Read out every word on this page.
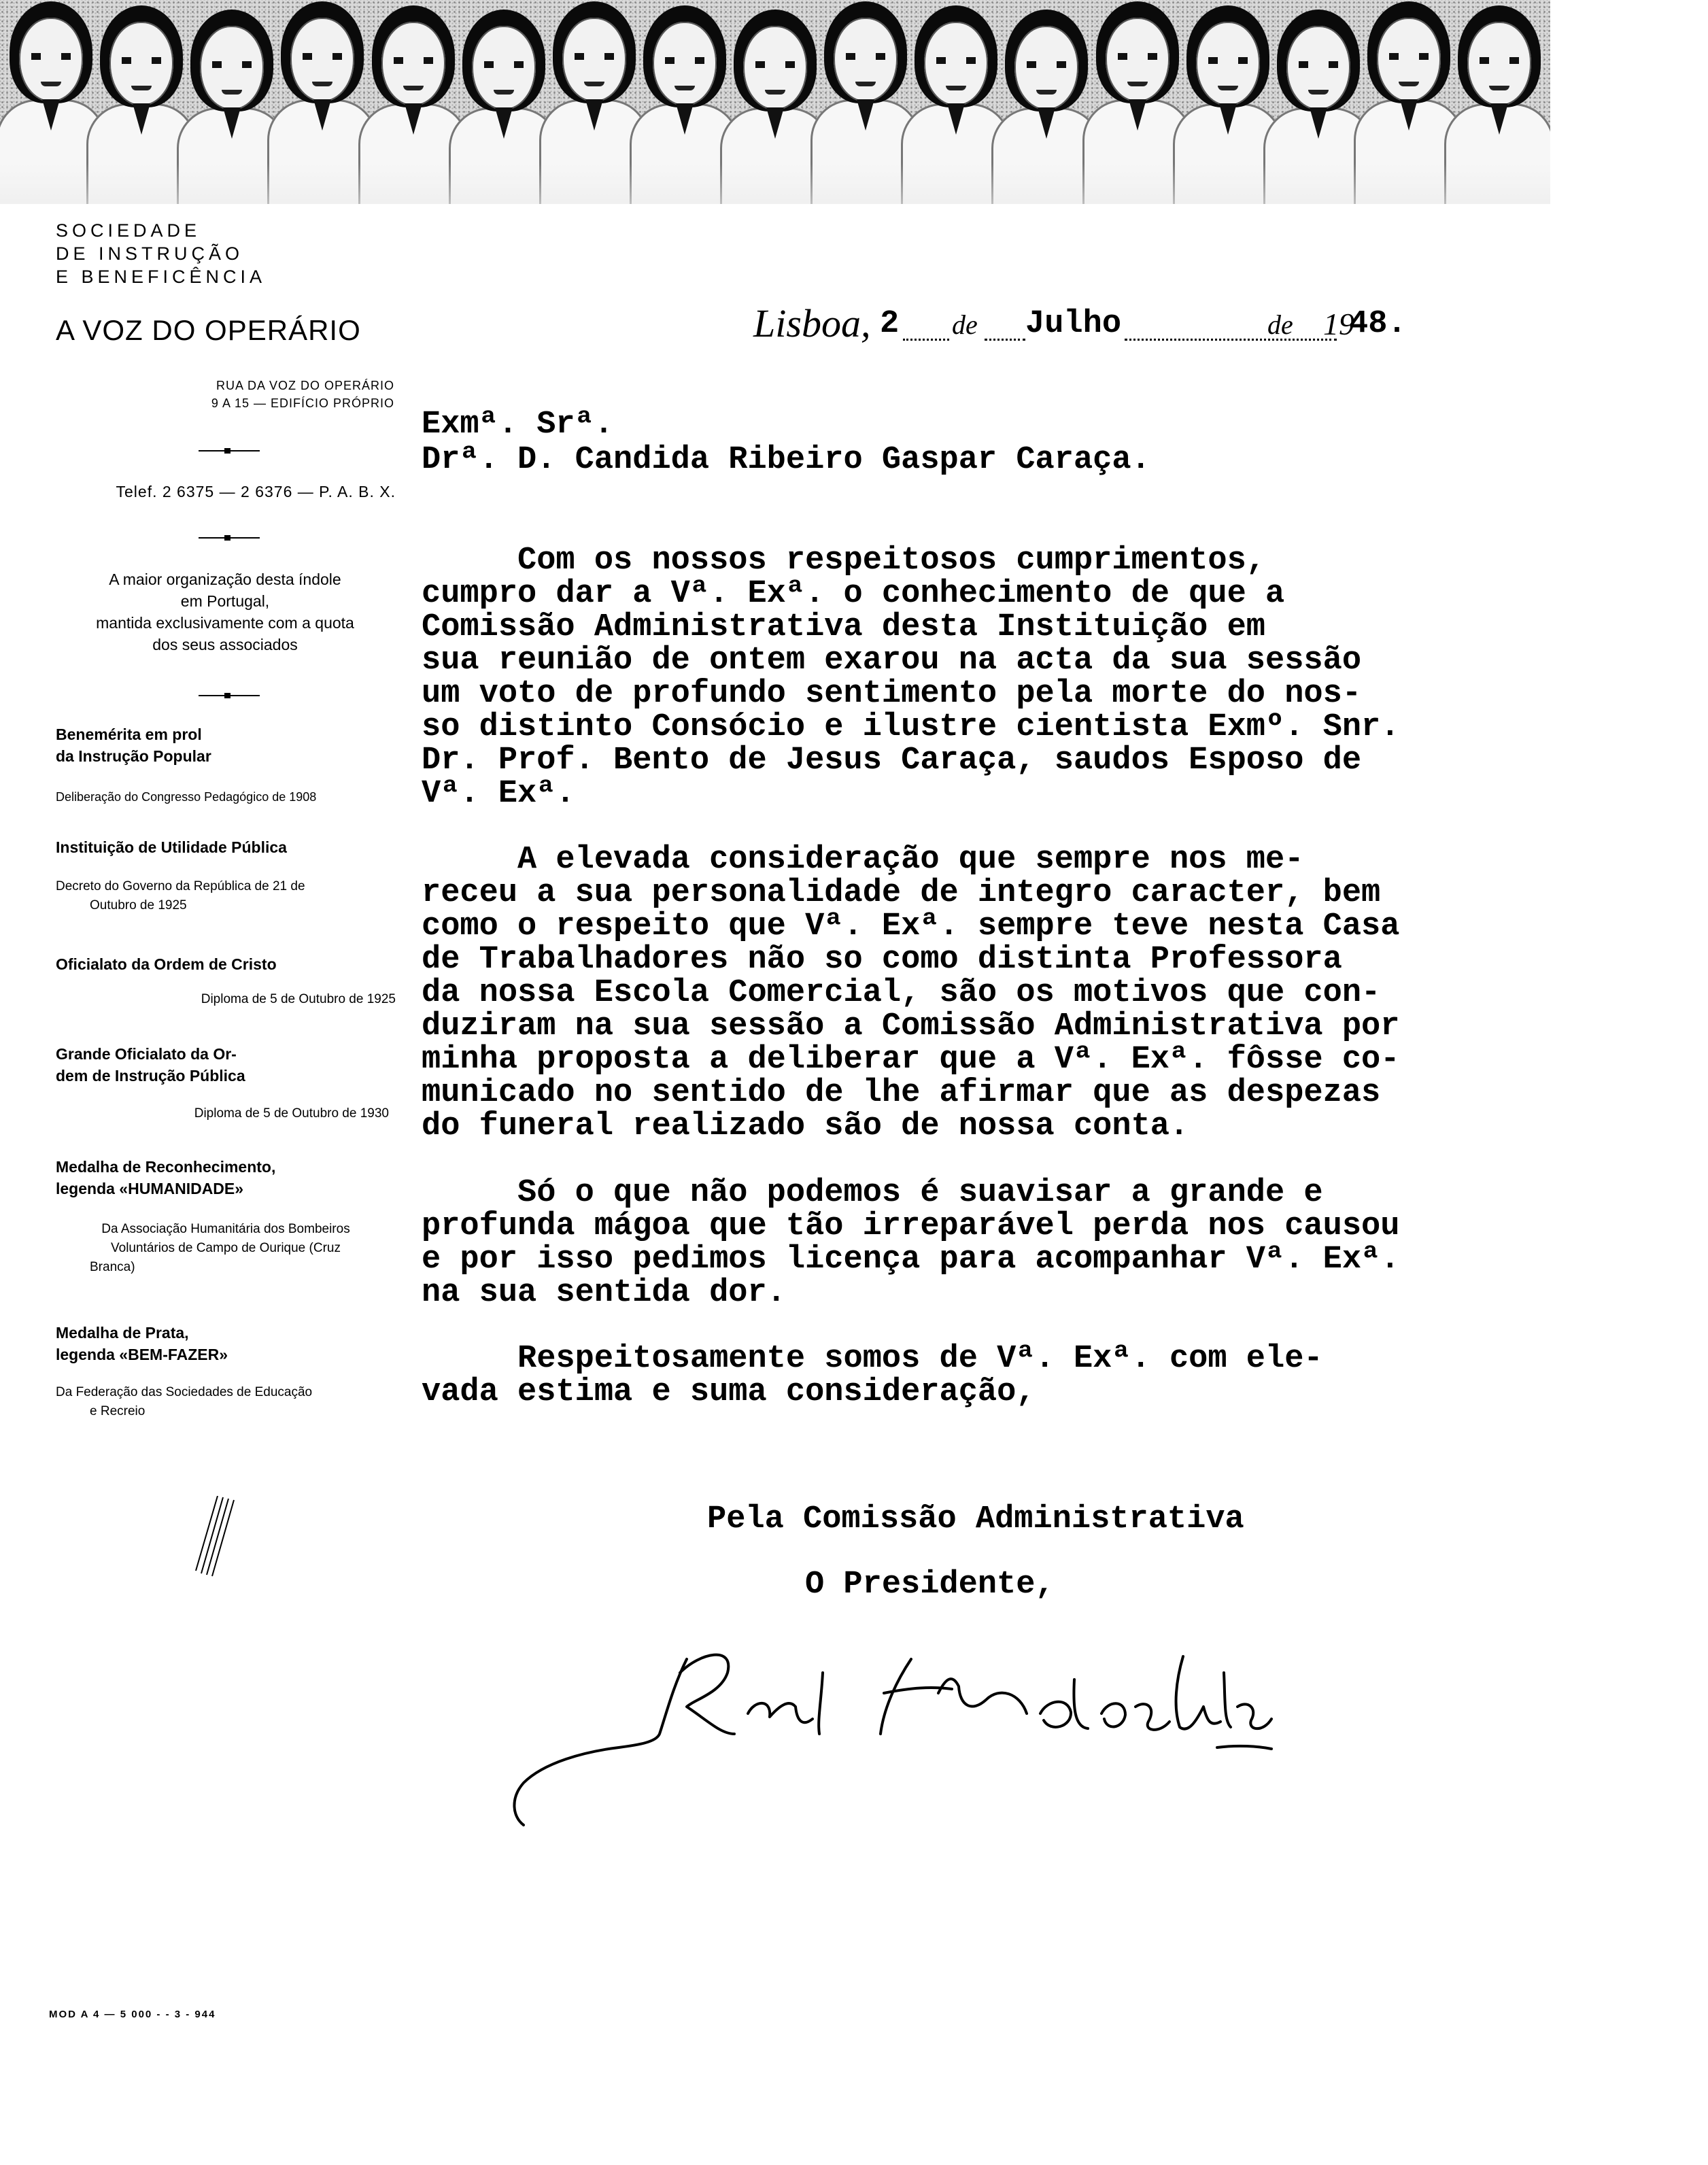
SOCIEDADE
DE INSTRUÇÃO
E BENEFICÊNCIA
A VOZ DO OPERÁRIO
RUA DA VOZ DO OPERÁRIO
9 A 15 — EDIFÍCIO PRÓPRIO
Telef. 2 6375 — 2 6376 — P. A. B. X.
A maior organização desta índole
em Portugal,
mantida exclusivamente com a quota
dos seus associados
Benemérita em prol
da Instrução Popular
Deliberação do Congresso Pedagógico de 1908
Instituição de Utilidade Pública
Decreto do Governo da República de 21 de
Outubro de 1925
Oficialato da Ordem de Cristo
Diploma de 5 de Outubro de 1925
Grande Oficialato da Or-
dem de Instrução Pública
Diploma de 5 de Outubro de 1930
Medalha de Reconhecimento,
legenda «HUMANIDADE»
Da Associação Humanitária dos Bombeiros
Voluntários de Campo de Ourique (Cruz
Branca)
Medalha de Prata,
legenda «BEM-FAZER»
Da Federação das Sociedades de Educação
e Recreio
MOD A 4 — 5 000 - - 3 - 944
Lisboa, 2 de Julho	de 19
48.
Exmª. Srª.
Drª. D. Candida Ribeiro Gaspar Caraça.
Com os nossos respeitosos cumprimentos,
cumpro dar a Vª. Exª. o conhecimento de que a
Comissão Administrativa desta Instituição em
sua reunião de ontem exarou na acta da sua sessão
um voto de profundo sentimento pela morte do nos-
so distinto Consócio e ilustre cientista Exmº. Snr.
Dr. Prof. Bento de Jesus Caraça, saudos Esposo de
Vª. Exª.
A elevada consideração que sempre nos me-
receu a sua personalidade de integro caracter, bem
como o respeito que Vª. Exª. sempre teve nesta Casa
de Trabalhadores não so como distinta Professora
da nossa Escola Comercial, são os motivos que con-
duziram na sua sessão a Comissão Administrativa por
minha proposta a deliberar que a Vª. Exª. fôsse co-
municado no sentido de lhe afirmar que as despezas
do funeral realizado são de nossa conta.
Só o que não podemos é suavisar a grande e
profunda mágoa que tão irreparável perda nos causou
e por isso pedimos licença para acompanhar Vª. Exª.
na sua sentida dor.
Respeitosamente somos de Vª. Exª. com ele-
vada estima e suma consideração,
Pela Comissão Administrativa
O Presidente,
